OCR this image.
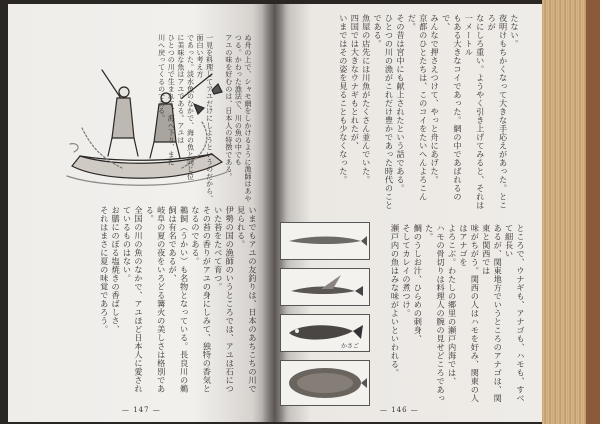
いまでもアユの友釣りは、日本のあちこちの川で見られる。
伊勢の国の漁師のいうところでは、アユは石についた苔をたべて育つ。
その苔の香りがアユの身にしみて、独特の香気となるのである。
鵜飼（うかい）も名物となっている。長良川の鵜飼は有名であるが、
岐阜の夏の夜をいろどる篝火の美しさは格別である。
全国の川の魚のなかで、アユほど日本人に愛されているものはない。
お膳にのぼる塩焼きの香ばしさ、
それはまさに夏の味覚であろう。
ぬ舟の上で、シャモ網をしかけるように漁師はあやつる。かわった漁法で、川の魚の中でも
アユの味を好むのは、日本人の特徴である。

一見を料理してアユだけにしようというのだから、面白い考え方
であった。淡水魚のなかで、海の魚と同じ位
に美味な魚はアユである。アユは
ひとつの川で生まれて、海へ下り、また
川へ戻ってくるのである。
— 147 —
たない。
夜明けもちかくなって大きな手応えがあった。ところが
なにしろ重い。ようやく引き上げてみると、それは一メートル
もある大きなコイであった。網の中であばれるので、
みんなで押さえつけて、やっと舟にあげた。
京都のひとたちは、このコイをたいへんよろこんだ。
その昔は宮中にも献上されたという話である。
ひとつの川の漁がこれだけ豊かであった時代のことである。
魚屋の店先には川魚がたくさん並んでいた。
四国では大きなウナギもとれたが、
いまではその姿を見ることも少なくなった。
ところで、ウナギも、アナゴも、ハモも、すべて細長い
あるが、関東地方でいうところのアナゴは、関東と関西では
味がちがう。関西の人はハモを好み、関東の人はアナゴを
よろこぶ。わたしの郷里の瀬戸内海では、
ハモの骨切りは料理人の腕の見せどころであった。
鯛のうしお汁、ひらめの刺身、
そしてカレイの煮つけ。
瀬戸内の魚はみな味がよいといわれる。
かさご
— 146 —
